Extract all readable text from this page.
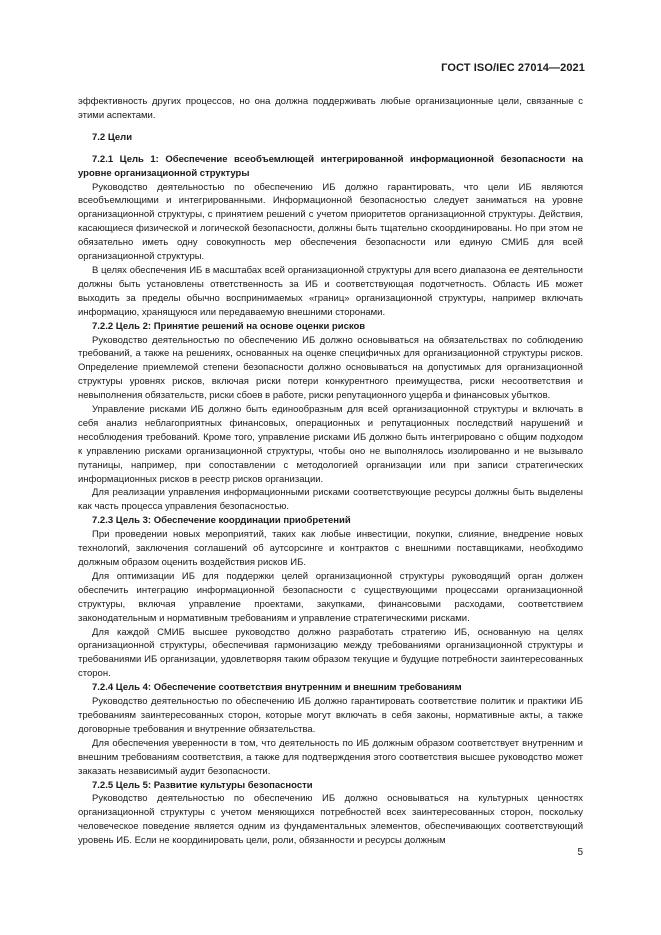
ГОСТ ISO/IEC 27014—2021

эффективность других процессов, но она должна поддерживать любые организационные цели, связанные с этими аспектами.

7.2 Цели

7.2.1 Цель 1: Обеспечение всеобъемлющей интегрированной информационной безопасности на уровне организационной структуры

Руководство деятельностью по обеспечению ИБ должно гарантировать, что цели ИБ являются всеобъемлющими и интегрированными. Информационной безопасностью следует заниматься на уровне организационной структуры, с принятием решений с учетом приоритетов организационной структуры. Действия, касающиеся физической и логической безопасности, должны быть тщательно скоординированы. Но при этом не обязательно иметь одну совокупность мер обеспечения безопасности или единую СМИБ для всей организационной структуры.

В целях обеспечения ИБ в масштабах всей организационной структуры для всего диапазона ее деятельности должны быть установлены ответственность за ИБ и соответствующая подотчетность. Область ИБ может выходить за пределы обычно воспринимаемых «границ» организационной структуры, например включать информацию, хранящуюся или передаваемую внешними сторонами.

7.2.2 Цель 2: Принятие решений на основе оценки рисков

Руководство деятельностью по обеспечению ИБ должно основываться на обязательствах по соблюдению требований, а также на решениях, основанных на оценке специфичных для организационной структуры рисков. Определение приемлемой степени безопасности должно основываться на допустимых для организационной структуры уровнях рисков, включая риски потери конкурентного преимущества, риски несоответствия и невыполнения обязательств, риски сбоев в работе, риски репутационного ущерба и финансовых убытков.

Управление рисками ИБ должно быть единообразным для всей организационной структуры и включать в себя анализ неблагоприятных финансовых, операционных и репутационных последствий нарушений и несоблюдения требований. Кроме того, управление рисками ИБ должно быть интегрировано с общим подходом к управлению рисками организационной структуры, чтобы оно не выполнялось изолированно и не вызывало путаницы, например, при сопоставлении с методологией организации или при записи стратегических информационных рисков в реестр рисков организации.

Для реализации управления информационными рисками соответствующие ресурсы должны быть выделены как часть процесса управления безопасностью.

7.2.3 Цель 3: Обеспечение координации приобретений

При проведении новых мероприятий, таких как любые инвестиции, покупки, слияние, внедрение новых технологий, заключения соглашений об аутсорсинге и контрактов с внешними поставщиками, необходимо должным образом оценить воздействия рисков ИБ.

Для оптимизации ИБ для поддержки целей организационной структуры руководящий орган должен обеспечить интеграцию информационной безопасности с существующими процессами организационной структуры, включая управление проектами, закупками, финансовыми расходами, соответствием законодательным и нормативным требованиям и управление стратегическими рисками.

Для каждой СМИБ высшее руководство должно разработать стратегию ИБ, основанную на целях организационной структуры, обеспечивая гармонизацию между требованиями организационной структуры и требованиями ИБ организации, удовлетворяя таким образом текущие и будущие потребности заинтересованных сторон.

7.2.4 Цель 4: Обеспечение соответствия внутренним и внешним требованиям

Руководство деятельностью по обеспечению ИБ должно гарантировать соответствие политик и практики ИБ требованиям заинтересованных сторон, которые могут включать в себя законы, нормативные акты, а также договорные требования и внутренние обязательства.

Для обеспечения уверенности в том, что деятельность по ИБ должным образом соответствует внутренним и внешним требованиям соответствия, а также для подтверждения этого соответствия высшее руководство может заказать независимый аудит безопасности.

7.2.5 Цель 5: Развитие культуры безопасности

Руководство деятельностью по обеспечению ИБ должно основываться на культурных ценностях организационной структуры с учетом меняющихся потребностей всех заинтересованных сторон, поскольку человеческое поведение является одним из фундаментальных элементов, обеспечивающих соответствующий уровень ИБ. Если не координировать цели, роли, обязанности и ресурсы должным

5
